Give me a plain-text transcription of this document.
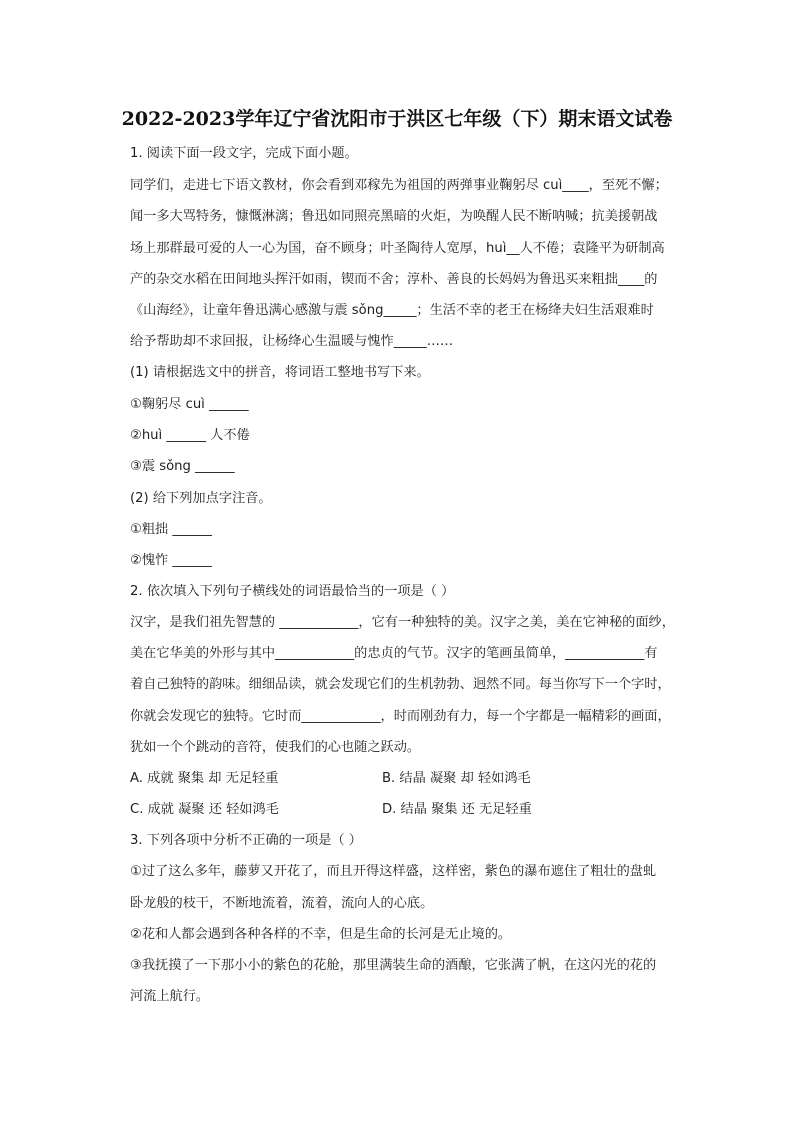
2022-2023学年辽宁省沈阳市于洪区七年级（下）期末语文试卷
1. 阅读下面一段文字，完成下面小题。
同学们，走进七下语文教材，你会看到邓稼先为祖国的两弹事业鞠躬尽 cuì____，至死不懈；
闻一多大骂特务，慷慨淋漓；鲁迅如同照亮黑暗的火炬，为唤醒人民不断呐喊；抗美援朝战
场上那群最可爱的人一心为国，奋不顾身；叶圣陶待人宽厚，huì__人不倦；袁隆平为研制高
产的杂交水稻在田间地头挥汗如雨，锲而不舍；淳朴、善良的长妈妈为鲁迅买来粗拙____的
《山海经》，让童年鲁迅满心感激与震 sǒng_____；生活不幸的老王在杨绛夫妇生活艰难时
给予帮助却不求回报，让杨绛心生温暖与愧怍_____……
(1) 请根据选文中的拼音，将词语工整地书写下来。
①鞠躬尽 cuì ______
②huì ______ 人不倦
③震 sǒng ______
(2) 给下列加点字注音。
①粗拙 ______
②愧怍 ______
2. 依次填入下列句子横线处的词语最恰当的一项是（ ）
汉字，是我们祖先智慧的 ____________，它有一种独特的美。汉字之美，美在它神秘的面纱，
美在它华美的外形与其中____________的忠贞的气节。汉字的笔画虽简单，____________有
着自己独特的韵味。细细品读，就会发现它们的生机勃勃、迥然不同。每当你写下一个字时，
你就会发现它的独特。它时而____________，时而刚劲有力，每一个字都是一幅精彩的画面，
犹如一个个跳动的音符，使我们的心也随之跃动。
A. 成就 聚集 却 无足轻重	B. 结晶 凝聚 却 轻如鸿毛
C. 成就 凝聚 还 轻如鸿毛	D. 结晶 聚集 还 无足轻重
3. 下列各项中分析不正确的一项是（ ）
①过了这么多年，藤萝又开花了，而且开得这样盛，这样密，紫色的瀑布遮住了粗壮的盘虬
卧龙般的枝干，不断地流着，流着，流向人的心底。
②花和人都会遇到各种各样的不幸，但是生命的长河是无止境的。
③我抚摸了一下那小小的紫色的花舱，那里满装生命的酒酿，它张满了帆，在这闪光的花的
河流上航行。
